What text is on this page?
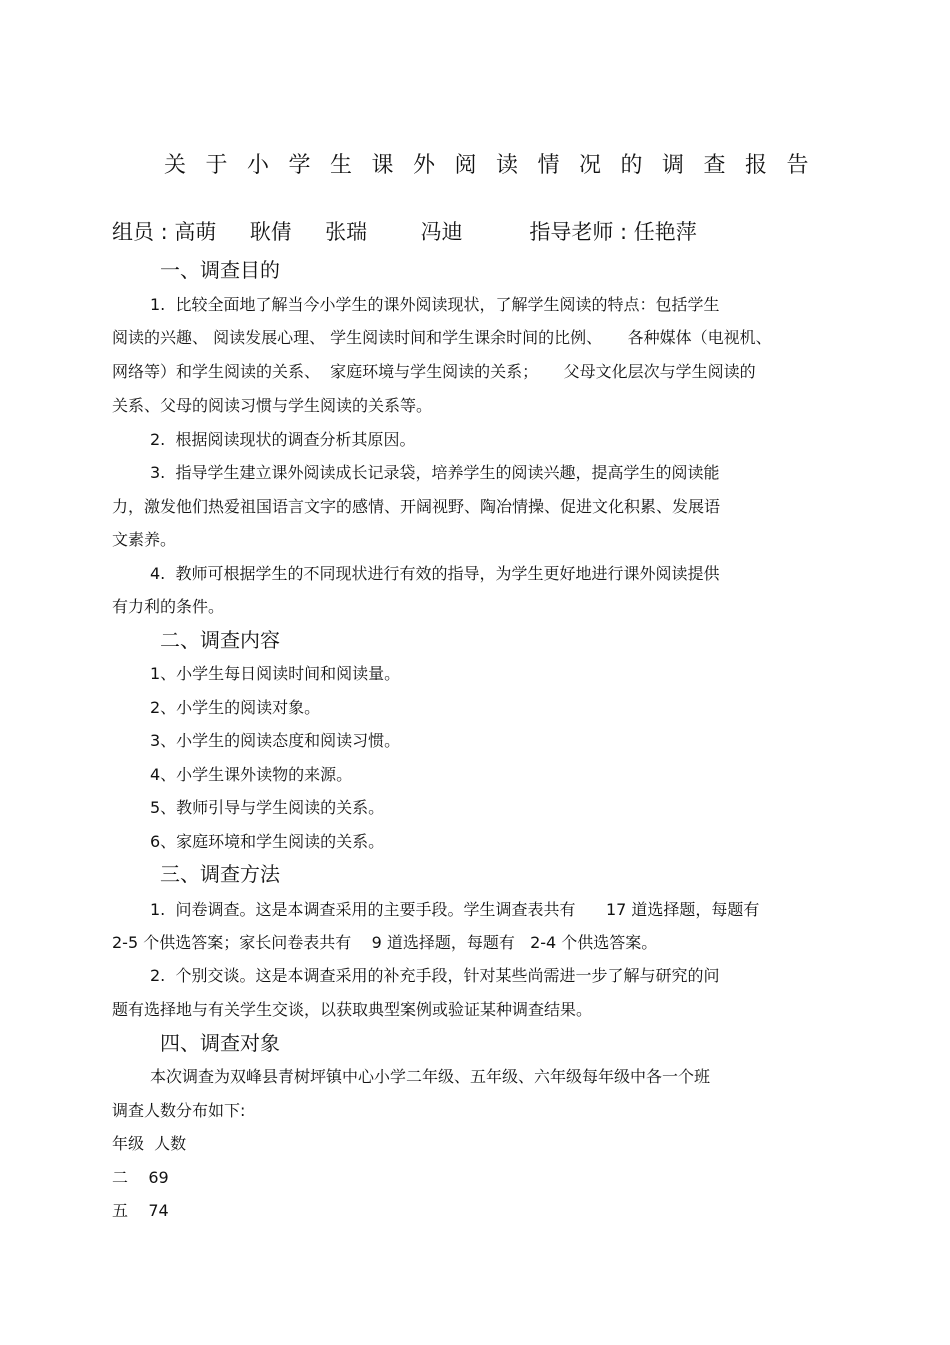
关于小学生课外阅读情况的调查报告
组员 : 高萌     耿倩     张瑞        冯迪          指导老师 : 任艳萍
一、调查目的
1.  比较全面地了解当今小学生的课外阅读现状，了解学生阅读的特点：包括学生
阅读的兴趣、 阅读发展心理、 学生阅读时间和学生课余时间的比例、     各种媒体（电视机、
网络等）和学生阅读的关系、  家庭环境与学生阅读的关系；     父母文化层次与学生阅读的
关系、父母的阅读习惯与学生阅读的关系等。
2.  根据阅读现状的调查分析其原因。
3.  指导学生建立课外阅读成长记录袋，培养学生的阅读兴趣，提高学生的阅读能
力，激发他们热爱祖国语言文字的感情、开阔视野、陶冶情操、促进文化积累、发展语
文素养。
4.  教师可根据学生的不同现状进行有效的指导，为学生更好地进行课外阅读提供
有力利的条件。
二、调查内容
1、小学生每日阅读时间和阅读量。
2、小学生的阅读对象。
3、小学生的阅读态度和阅读习惯。
4、小学生课外读物的来源。
5、教师引导与学生阅读的关系。
6、家庭环境和学生阅读的关系。
三、调查方法
1.  问卷调查。这是本调查采用的主要手段。学生调查表共有      17 道选择题，每题有
2-5 个供选答案；家长问卷表共有    9 道选择题，每题有   2-4 个供选答案。
2.  个别交谈。这是本调查采用的补充手段，针对某些尚需进一步了解与研究的问
题有选择地与有关学生交谈，以获取典型案例或验证某种调查结果。
四、调查对象
本次调查为双峰县青树坪镇中心小学二年级、五年级、六年级每年级中各一个班
调查人数分布如下:
年级  人数
二    69
五    74
